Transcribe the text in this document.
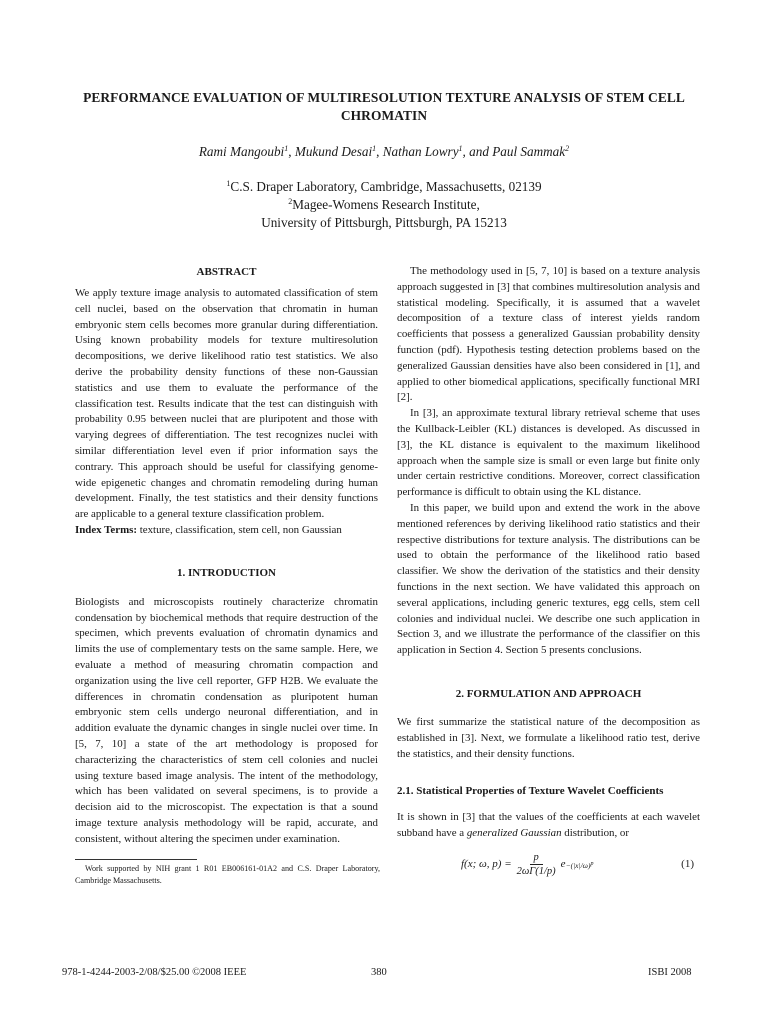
PERFORMANCE EVALUATION OF MULTIRESOLUTION TEXTURE ANALYSIS OF STEM CELL CHROMATIN
Rami Mangoubi$^1$, Mukund Desai$^1$, Nathan Lowry$^1$, and Paul Sammak$^2$
$^1$C.S. Draper Laboratory, Cambridge, Massachusetts, 02139
$^2$Magee-Womens Research Institute,
University of Pittsburgh, Pittsburgh, PA 15213
ABSTRACT

We apply texture image analysis to automated classification of stem cell nuclei, based on the observation that chromatin in human embryonic stem cells becomes more granular during differentiation. Using known probability models for texture multiresolution decompositions, we derive likelihood ratio test statistics. We also derive the probability density functions of these non-Gaussian statistics and use them to evaluate the performance of the classification test. Results indicate that the test can distinguish with probability 0.95 between nuclei that are pluripotent and those with varying degrees of differentiation. The test recognizes nuclei with similar differentiation level even if prior information says the contrary. This approach should be useful for classifying genome-wide epigenetic changes and chromatin remodeling during human development. Finally, the test statistics and their density functions are applicable to a general texture classification problem.

Index Terms: texture, classification, stem cell, non Gaussian

1. INTRODUCTION

Biologists and microscopists routinely characterize chromatin condensation by biochemical methods that require destruction of the specimen, which prevents evaluation of chromatin dynamics and limits the use of complementary tests on the same sample. Here, we evaluate a method of measuring chromatin compaction and organization using the live cell reporter, GFP H2B. We evaluate the differences in chromatin condensation as pluripotent human embryonic stem cells undergo neuronal differentiation, and in addition evaluate the dynamic changes in single nuclei over time. In [5, 7, 10] a state of the art methodology is proposed for characterizing the characteristics of stem cell colonies and nuclei using texture based image analysis. The intent of the methodology, which has been validated on several specimens, is to provide a decision aid to the microscopist. The expectation is that a sound image texture analysis methodology will be rapid, accurate, and consistent, without altering the specimen under examination.

The methodology used in [5, 7, 10] is based on a texture analysis approach suggested in [3] that combines multiresolution analysis and statistical modeling. Specifically, it is assumed that a wavelet decomposition of a texture class of interest yields random coefficients that possess a generalized Gaussian probability density function (pdf). Hypothesis testing detection problems based on the generalized Gaussian densities have also been considered in [1], and applied to other biomedical applications, specifically functional MRI [2].

In [3], an approximate textural library retrieval scheme that uses the Kullback-Leibler (KL) distances is developed. As discussed in [3], the KL distance is equivalent to the maximum likelihood approach when the sample size is small or even large but finite only under certain restrictive conditions. Moreover, correct classification performance is difficult to obtain using the KL distance.

In this paper, we build upon and extend the work in the above mentioned references by deriving likelihood ratio statistics and their respective distributions for texture analysis. The distributions can be used to obtain the performance of the likelihood ratio based classifier. We show the derivation of the statistics and their density functions in the next section. We have validated this approach on several applications, including generic textures, egg cells, stem cell colonies and individual nuclei. We describe one such application in Section 3, and we illustrate the performance of the classifier on this application in Section 4. Section 5 presents conclusions.

2. FORMULATION AND APPROACH

We first summarize the statistical nature of the decomposition as established in [3]. Next, we formulate a likelihood ratio test, derive the statistics, and their density functions.

2.1. Statistical Properties of Texture Wavelet Coefficients

It is shown in [3] that the values of the coefficients at each wavelet subband have a generalized Gaussian distribution, or

f(x; ω, $p) = \frac{p}{2\omega\Gamma(1/p)}$ $e -(|x|/\omega)^p$	(1)

Work supported by NIH grant 1 R01 EB006161-01A2 and C.S. Draper Laboratory, Cambridge Massachusetts.

978-1-4244-2003-2/08/$25.00 ©2008 IEEE	380	ISBI 2008
